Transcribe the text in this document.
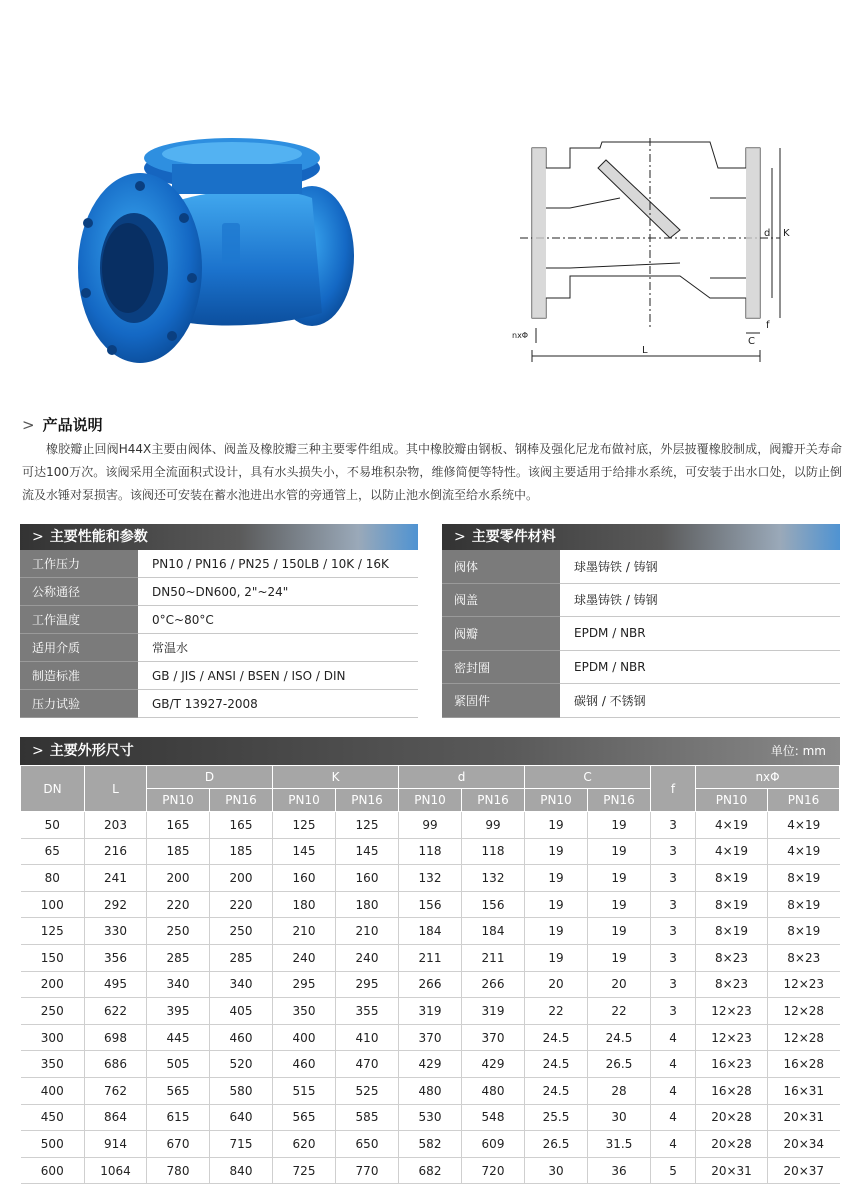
d K
f
C
L
nxΦ
> 产品说明

橡胶瓣止回阀H44X主要由阀体、阀盖及橡胶瓣三种主要零件组成。其中橡胶瓣由钢板、钢棒及强化尼龙布做衬底，外层披覆橡胶制成，阀瓣开关寿命可达100万次。该阀采用全流面积式设计，具有水头损失小，不易堆积杂物，维修简便等特性。该阀主要适用于给排水系统，可安装于出水口处，以防止倒流及水锤对泵损害。该阀还可安装在蓄水池进出水管的旁通管上，以防止池水倒流至给水系统中。

> 主要性能和参数
工作压力	PN10 / PN16 / PN25 / 150LB / 10K / 16K
公称通径	DN50~DN600, 2"~24"
工作温度	0°C~80°C
适用介质	常温水
制造标准	GB / JIS / ANSI / BSEN / ISO / DIN
压力试验	GB/T 13927-2008
> 主要零件材料
阀体	球墨铸铁 / 铸钢
阀盖	球墨铸铁 / 铸钢
阀瓣	EPDM / NBR
密封圈	EPDM / NBR
紧固件	碳钢 / 不锈钢
> 主要外形尺寸	单位: mm
DN	L	D		K		d		C		f	nxΦ	
		PN10	PN16	PN10	PN16	PN10	PN16	PN10	PN16		PN10	PN16
50	203	165	165	125	125	99	99	19	19	3	4×19	4×19
65	216	185	185	145	145	118	118	19	19	3	4×19	4×19
80	241	200	200	160	160	132	132	19	19	3	8×19	8×19
100	292	220	220	180	180	156	156	19	19	3	8×19	8×19
125	330	250	250	210	210	184	184	19	19	3	8×19	8×19
150	356	285	285	240	240	211	211	19	19	3	8×23	8×23
200	495	340	340	295	295	266	266	20	20	3	8×23	12×23
250	622	395	405	350	355	319	319	22	22	3	12×23	12×28
300	698	445	460	400	410	370	370	24.5	24.5	4	12×23	12×28
350	686	505	520	460	470	429	429	24.5	26.5	4	16×23	16×28
400	762	565	580	515	525	480	480	24.5	28	4	16×28	16×31
450	864	615	640	565	585	530	548	25.5	30	4	20×28	20×31
500	914	670	715	620	650	582	609	26.5	31.5	4	20×28	20×34
600	1064	780	840	725	770	682	720	30	36	5	20×31	20×37
